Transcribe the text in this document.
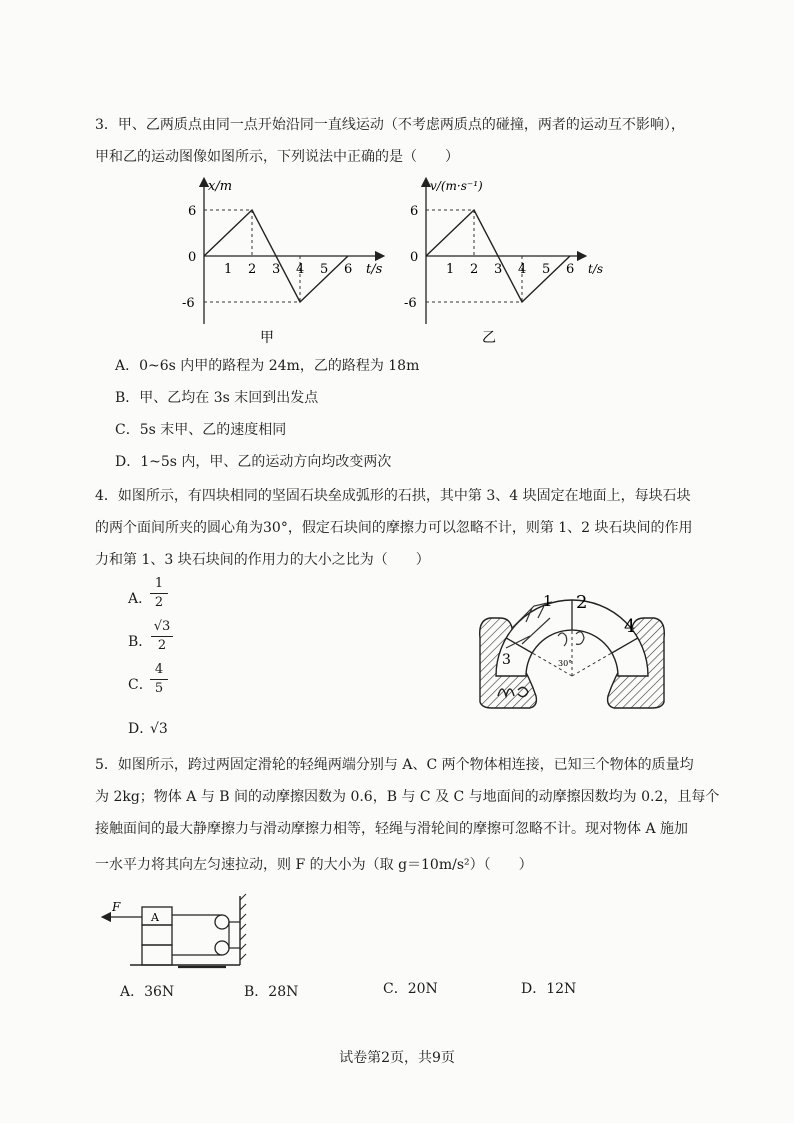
3．甲、乙两质点由同一点开始沿同一直线运动（不考虑两质点的碰撞，两者的运动互不影响），
甲和乙的运动图像如图所示，下列说法中正确的是（　　）
x/m
6
0
-6
1 2 3 4 5 6 t/s
甲
v/(m·s⁻¹)
6
0
-6
1 2 3 4 5 6 t/s
乙
A．0~6s 内甲的路程为 24m，乙的路程为 18m
B．甲、乙均在 3s 末回到出发点
C．5s 末甲、乙的速度相同
D．1~5s 内，甲、乙的运动方向均改变两次
4．如图所示，有四块相同的坚固石块垒成弧形的石拱，其中第 3、4 块固定在地面上，每块石块
的两个面间所夹的圆心角为30°，假定石块间的摩擦力可以忽略不计，则第 1、2 块石块间的作用
力和第 1、3 块石块间的作用力的大小之比为（　　）
A．
1
2
B．
√3
2
C．
4
5
D．
√3
1 2
3
4
30°
5．如图所示，跨过两固定滑轮的轻绳两端分别与 A、C 两个物体相连接，已知三个物体的质量均
为 2kg；物体 A 与 B 间的动摩擦因数为 0.6，B 与 C 及 C 与地面间的动摩擦因数均为 0.2，且每个
接触面间的最大静摩擦力与滑动摩擦力相等，轻绳与滑轮间的摩擦可忽略不计。现对物体 A 施加
一水平力将其向左匀速拉动，则 F 的大小为（取 g＝10m/s²）（　　）
F
A
A．36N	B．28N	C．20N	D．12N
试卷第2页，共9页
